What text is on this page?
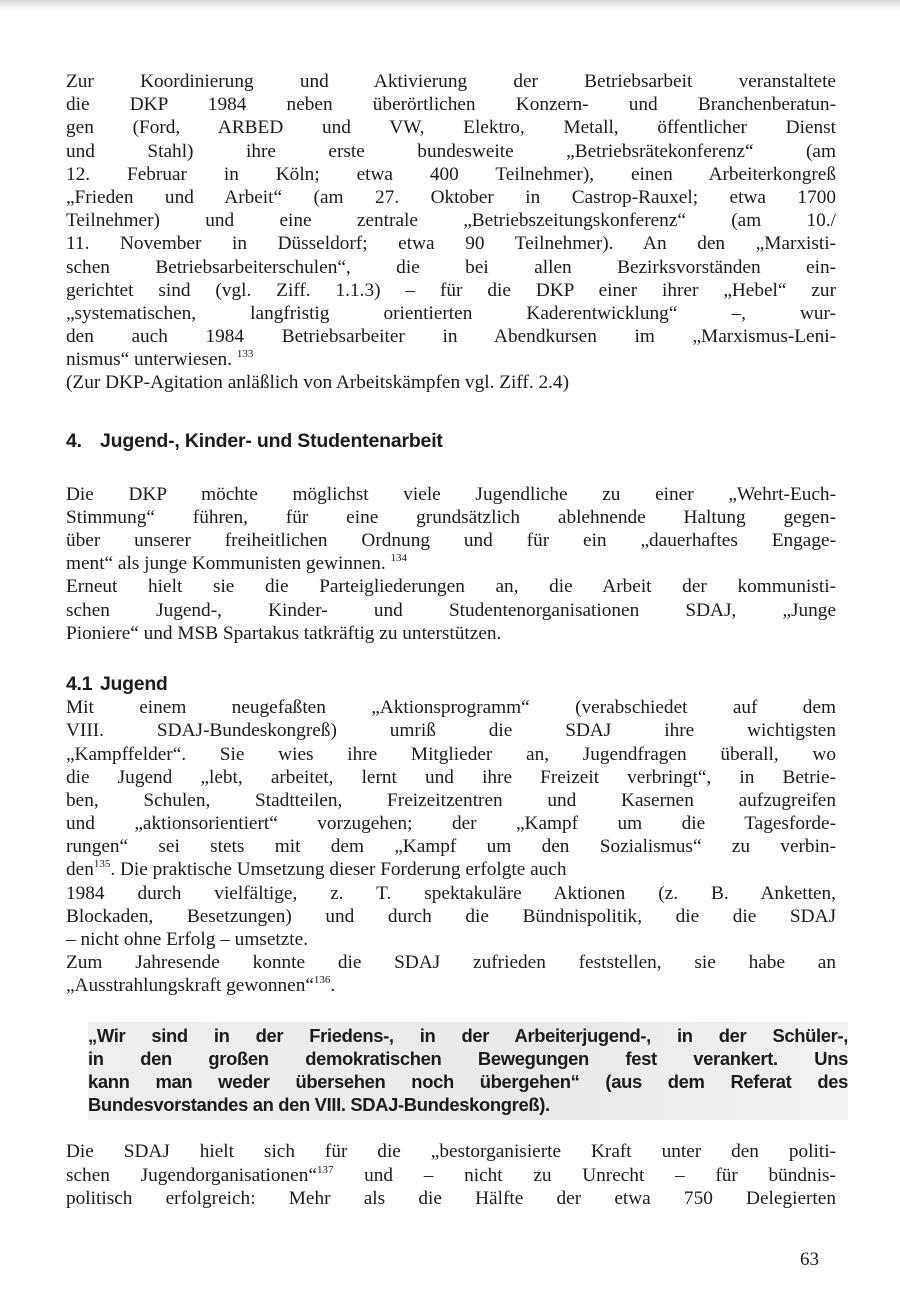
Zur Koordinierung und Aktivierung der Betriebsarbeit veranstaltete
die DKP 1984 neben überörtlichen Konzern- und Branchenberatun-
gen (Ford, ARBED und VW, Elektro, Metall, öffentlicher Dienst
und Stahl) ihre erste bundesweite „Betriebsrätekonferenz“ (am
12. Februar in Köln; etwa 400 Teilnehmer), einen Arbeiterkongreß
„Frieden und Arbeit“ (am 27. Oktober in Castrop-Rauxel; etwa 1700
Teilnehmer) und eine zentrale „Betriebszeitungskonferenz“ (am 10./
11. November in Düsseldorf; etwa 90 Teilnehmer). An den „Marxisti-
schen Betriebsarbeiterschulen“, die bei allen Bezirksvorständen ein-
gerichtet sind (vgl. Ziff. 1.1.3) – für die DKP einer ihrer „Hebel“ zur
„systematischen, langfristig orientierten Kaderentwicklung“ –, wur-
den auch 1984 Betriebsarbeiter in Abendkursen im „Marxismus-Leni-
nismus“ unterwiesen. $^{133}$
(Zur DKP-Agitation anläßlich von Arbeitskämpfen vgl. Ziff. 2.4)
4. Jugend-, Kinder- und Studentenarbeit
Die DKP möchte möglichst viele Jugendliche zu einer „Wehrt-Euch-
Stimmung“ führen, für eine grundsätzlich ablehnende Haltung gegen-
über unserer freiheitlichen Ordnung und für ein „dauerhaftes Engage-
ment“ als junge Kommunisten gewinnen. $^{134}$
Erneut hielt sie die Parteigliederungen an, die Arbeit der kommunisti-
schen Jugend-, Kinder- und Studentenorganisationen SDAJ, „Junge
Pioniere“ und MSB Spartakus tatkräftig zu unterstützen.
4.1 Jugend
Mit einem neugefaßten „Aktionsprogramm“ (verabschiedet auf dem
VIII. SDAJ-Bundeskongreß) umriß die SDAJ ihre wichtigsten
„Kampffelder“. Sie wies ihre Mitglieder an, Jugendfragen überall, wo
die Jugend „lebt, arbeitet, lernt und ihre Freizeit verbringt“, in Betrie-
ben, Schulen, Stadtteilen, Freizeitzentren und Kasernen aufzugreifen
und „aktionsorientiert“ vorzugehen; der „Kampf um die Tagesforde-
rungen“ sei stets mit dem „Kampf um den Sozialismus“ zu verbin-
den$^{135}$. Die praktische Umsetzung dieser Forderung erfolgte auch
1984 durch vielfältige, z. T. spektakuläre Aktionen (z. B. Anketten,
Blockaden, Besetzungen) und durch die Bündnispolitik, die die SDAJ
– nicht ohne Erfolg – umsetzte.
Zum Jahresende konnte die SDAJ zufrieden feststellen, sie habe an
„Ausstrahlungskraft gewonnen“$^{136}$.
„Wir sind in der Friedens-, in der Arbeiterjugend-, in der Schüler-,
in den großen demokratischen Bewegungen fest verankert. Uns
kann man weder übersehen noch übergehen“ (aus dem Referat des
Bundesvorstandes an den VIII. SDAJ-Bundeskongreß).
Die SDAJ hielt sich für die „bestorganisierte Kraft unter den politi-
schen Jugendorganisationen“$^{137}$ und – nicht zu Unrecht – für bündnis-
politisch erfolgreich: Mehr als die Hälfte der etwa 750 Delegierten
63
